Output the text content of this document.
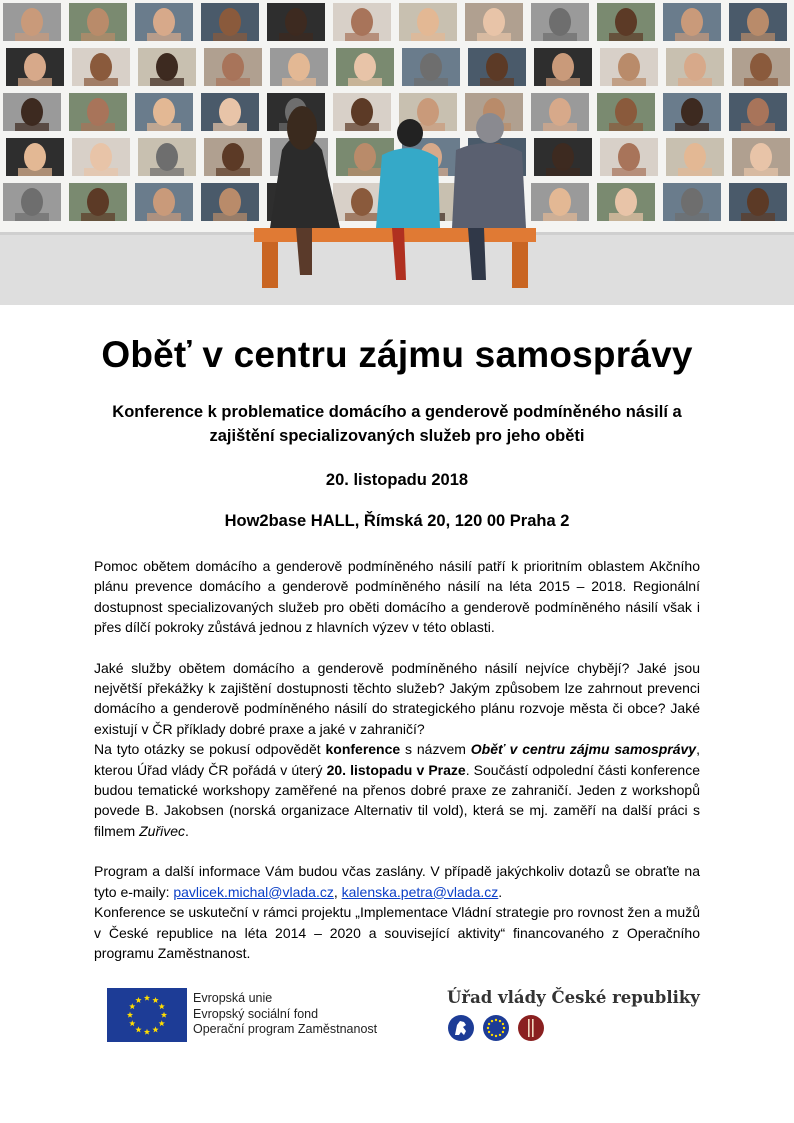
Oběť v centru zájmu samosprávy
Konference k problematice domácího a genderově podmíněného násilí a zajištění specializovaných služeb pro jeho oběti
20. listopadu 2018
How2base HALL, Římská 20, 120 00 Praha 2

Pomoc obětem domácího a genderově podmíněného násilí patří k prioritním oblastem Akčního plánu prevence domácího a genderově podmíněného násilí na léta 2015 – 2018. Regionální dostupnost specializovaných služeb pro oběti domácího a genderově podmíněného násilí však i přes dílčí pokroky zůstává jednou z hlavních výzev v této oblasti.

Jaké služby obětem domácího a genderově podmíněného násilí nejvíce chybějí? Jaké jsou největší překážky k zajištění dostupnosti těchto služeb? Jakým způsobem lze zahrnout prevenci domácího a genderově podmíněného násilí do strategického plánu rozvoje města či obce? Jaké existují v ČR příklady dobré praxe a jaké v zahraničí?

Na tyto otázky se pokusí odpovědět konference s názvem Oběť v centru zájmu samosprávy, kterou Úřad vlády ČR pořádá v úterý 20. listopadu v Praze. Součástí odpolední části konference budou tematické workshopy zaměřené na přenos dobré praxe ze zahraničí. Jeden z workshopů povede B. Jakobsen (norská organizace Alternativ til vold), která se mj. zaměří na další práci s filmem Zuřivec.

Program a další informace Vám budou včas zaslány. V případě jakýchkoliv dotazů se obraťte na tyto e-maily: pavlicek.michal@vlada.cz, kalenska.petra@vlada.cz.

Konference se uskuteční v rámci projektu „Implementace Vládní strategie pro rovnost žen a mužů v České republice na léta 2014 – 2020 a související aktivity“ financovaného z Operačního programu Zaměstnanost.

Evropská unie
Evropský sociální fond
Operační program Zaměstnanost
Úřad vlády České republiky
